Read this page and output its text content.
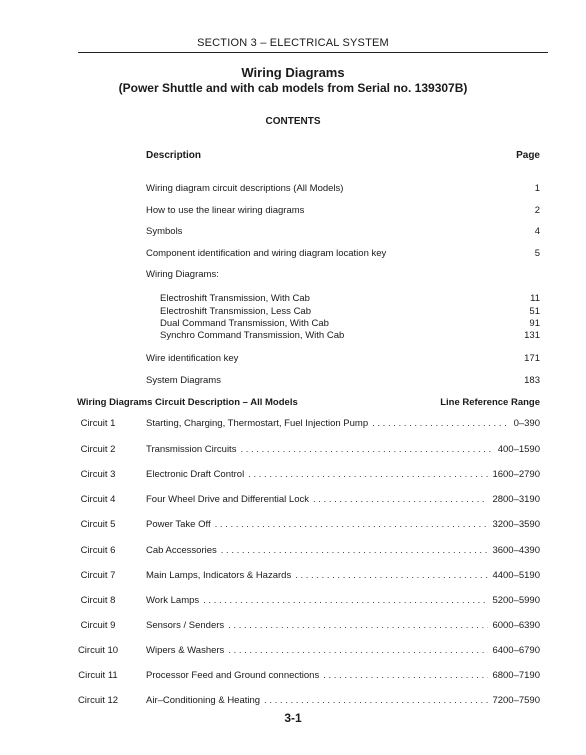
SECTION 3 – ELECTRICAL SYSTEM
Wiring Diagrams
(Power Shuttle and with cab models from Serial no. 139307B)
CONTENTS
Description	Page
Wiring diagram circuit descriptions (All Models)	1
How to use the linear wiring diagrams	2
Symbols	4
Component identification and wiring diagram location key	5
Wiring Diagrams:
Electroshift Transmission, With Cab	11
Electroshift Transmission, Less Cab	51
Dual Command Transmission, With Cab	91
Synchro Command Transmission, With Cab	131
Wire identification key	171
System Diagrams	183
Wiring Diagrams Circuit Description – All Models	Line Reference Range
Circuit 1	Starting, Charging, Thermostart, Fuel Injection Pump . . .	0–390
Circuit 2	Transmission Circuits . . .	400–1590
Circuit 3	Electronic Draft Control . . .	1600–2790
Circuit 4	Four Wheel Drive and Differential Lock . . .	2800–3190
Circuit 5	Power Take Off . . .	3200–3590
Circuit 6	Cab Accessories . . .	3600–4390
Circuit 7	Main Lamps, Indicators & Hazards . . .	4400–5190
Circuit 8	Work Lamps . . .	5200–5990
Circuit 9	Sensors / Senders . . .	6000–6390
Circuit 10	Wipers & Washers . . .	6400–6790
Circuit 11	Processor Feed and Ground connections . . .	6800–7190
Circuit 12	Air–Conditioning & Heating . . .	7200–7590
3-1
